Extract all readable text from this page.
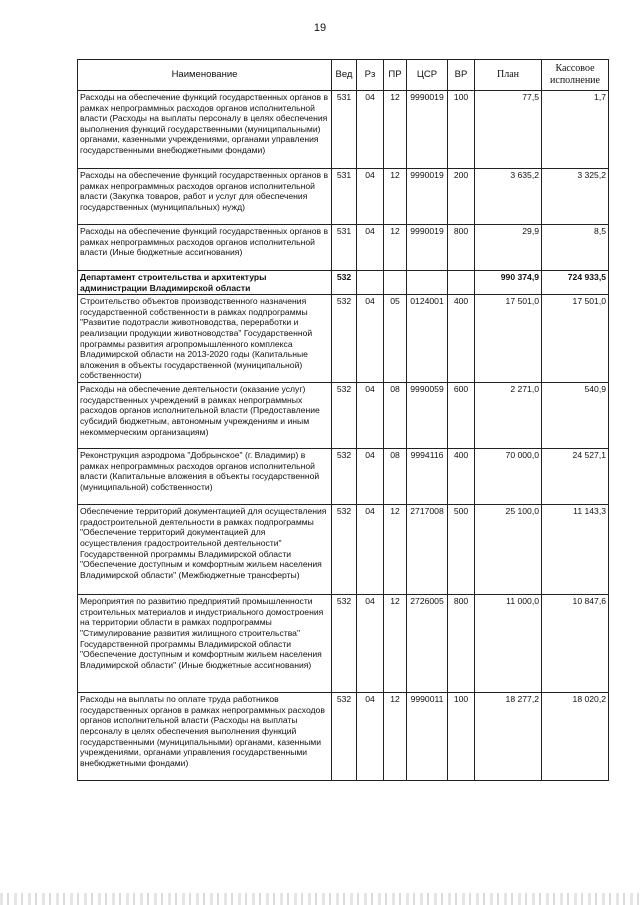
19
Наименование	Вед	Рз	ПР	ЦСР	ВР	План	Кассовое исполнение
Расходы на обеспечение функций государственных органов в рамках непрограммных расходов органов исполнительной власти (Расходы на выплаты персоналу в целях обеспечения выполнения функций государственными (муниципальными) органами, казенными учреждениями, органами управления государственными внебюджетными фондами)	531	04	12	9990019	100	77,5	1,7
Расходы на обеспечение функций государственных органов в рамках непрограммных расходов органов исполнительной власти (Закупка товаров, работ и услуг для обеспечения государственных (муниципальных) нужд)	531	04	12	9990019	200	3 635,2	3 325,2
Расходы на обеспечение функций государственных органов в рамках непрограммных расходов органов исполнительной власти (Иные бюджетные ассигнования)	531	04	12	9990019	800	29,9	8,5
Департамент строительства и архитектуры администрации Владимирской области	532					990 374,9	724 933,5
Строительство объектов производственного назначения государственной собственности в рамках подпрограммы "Развитие подотрасли животноводства, переработки и реализации продукции животноводства" Государственной программы развития агропромышленного комплекса Владимирской области на 2013-2020 годы (Капитальные вложения в объекты государственной (муниципальной) собственности)	532	04	05	0124001	400	17 501,0	17 501,0
Расходы на обеспечение деятельности (оказание услуг) государственных учреждений в рамках непрограммных расходов органов исполнительной власти (Предоставление субсидий бюджетным, автономным учреждениям и иным некоммерческим организациям)	532	04	08	9990059	600	2 271,0	540,9
Реконструкция аэродрома "Добрынское" (г. Владимир) в рамках непрограммных расходов органов исполнительной власти (Капитальные вложения в объекты государственной (муниципальной) собственности)	532	04	08	9994116	400	70 000,0	24 527,1
Обеспечение территорий документацией для осуществления градостроительной деятельности в рамках подпрограммы "Обеспечение территорий документацией для осуществления градостроительной деятельности" Государственной программы Владимирской области "Обеспечение доступным и комфортным жильем населения Владимирской области" (Межбюджетные трансферты)	532	04	12	2717008	500	25 100,0	11 143,3
Мероприятия по развитию предприятий промышленности строительных материалов и индустриального домостроения на территории области в рамках подпрограммы "Стимулирование развития жилищного строительства" Государственной программы Владимирской области "Обеспечение доступным и комфортным жильем населения Владимирской области" (Иные бюджетные ассигнования)	532	04	12	2726005	800	11 000,0	10 847,6
Расходы на выплаты по оплате труда работников государственных органов в рамках непрограммных расходов органов исполнительной власти (Расходы на выплаты персоналу в целях обеспечения выполнения функций государственными (муниципальными) органами, казенными учреждениями, органами управления государственными внебюджетными фондами)	532	04	12	9990011	100	18 277,2	18 020,2
